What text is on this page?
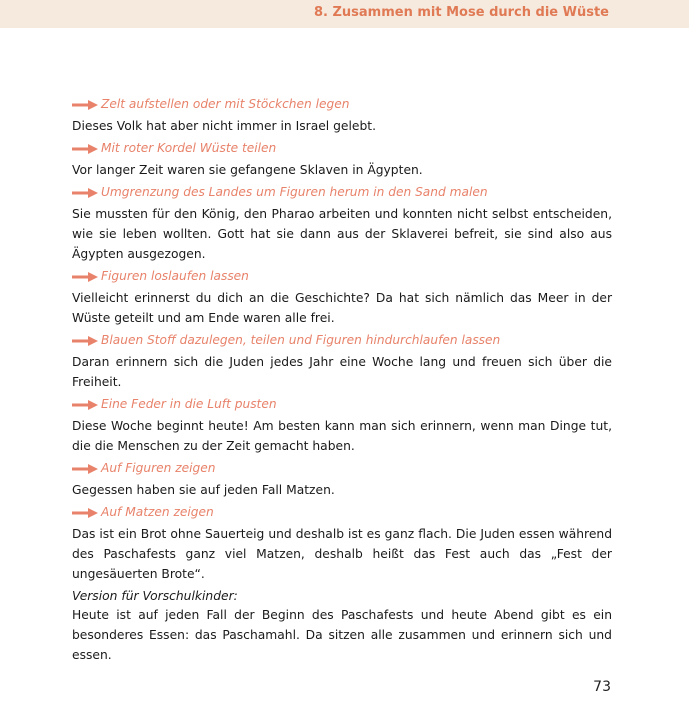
8. Zusammen mit Mose durch die Wüste
Zelt aufstellen oder mit Stöckchen legen
Dieses Volk hat aber nicht immer in Israel gelebt.
Mit roter Kordel Wüste teilen
Vor langer Zeit waren sie gefangene Sklaven in Ägypten.
Umgrenzung des Landes um Figuren herum in den Sand malen
Sie mussten für den König, den Pharao arbeiten und konnten nicht selbst entscheiden, wie sie leben wollten. Gott hat sie dann aus der Sklaverei befreit, sie sind also aus Ägypten ausgezogen.
Figuren loslaufen lassen
Vielleicht erinnerst du dich an die Geschichte? Da hat sich nämlich das Meer in der Wüste geteilt und am Ende waren alle frei.
Blauen Stoff dazulegen, teilen und Figuren hindurchlaufen lassen
Daran erinnern sich die Juden jedes Jahr eine Woche lang und freuen sich über die Freiheit.
Eine Feder in die Luft pusten
Diese Woche beginnt heute! Am besten kann man sich erinnern, wenn man Dinge tut, die die Menschen zu der Zeit gemacht haben.
Auf Figuren zeigen
Gegessen haben sie auf jeden Fall Matzen.
Auf Matzen zeigen
Das ist ein Brot ohne Sauerteig und deshalb ist es ganz flach. Die Juden essen während des Paschafests ganz viel Matzen, deshalb heißt das Fest auch das „Fest der ungesäuerten Brote“.
Version für Vorschulkinder:
Heute ist auf jeden Fall der Beginn des Paschafests und heute Abend gibt es ein besonderes Essen: das Paschamahl. Da sitzen alle zusammen und erinnern sich und essen.
73
